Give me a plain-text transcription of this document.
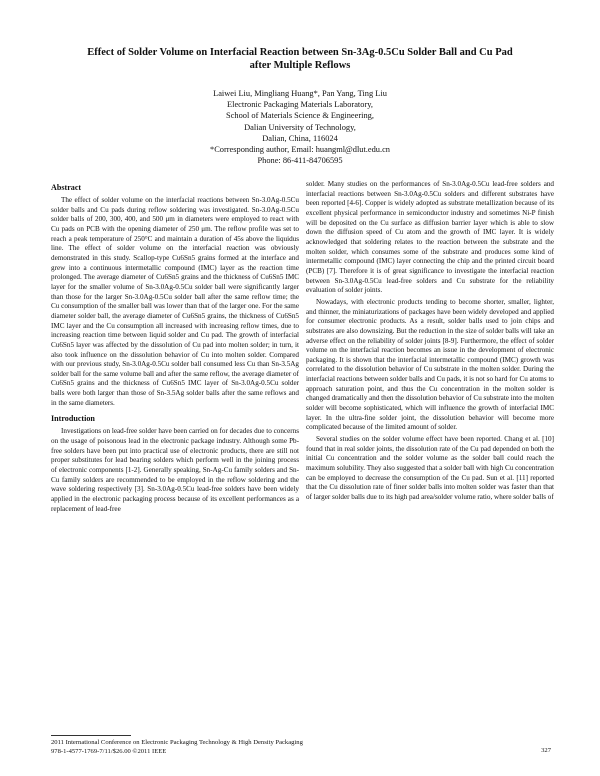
Effect of Solder Volume on Interfacial Reaction between Sn-3Ag-0.5Cu Solder Ball and Cu Pad
after Multiple Reflows
Laiwei Liu, Mingliang Huang*, Pan Yang, Ting Liu
Electronic Packaging Materials Laboratory,
School of Materials Science & Engineering,
Dalian University of Technology,
Dalian, China, 116024
*Corresponding author, Email: huangml@dlut.edu.cn
Phone: 86-411-84706595
Abstract

The effect of solder volume on the interfacial reactions between Sn-3.0Ag-0.5Cu solder balls and Cu pads during reflow soldering was investigated. Sn-3.0Ag-0.5Cu solder balls of 200, 300, 400, and 500 μm in diameters were employed to react with Cu pads on PCB with the opening diameter of 250 μm. The reflow profile was set to reach a peak temperature of 250°C and maintain a duration of 45s above the liquidus line. The effect of solder volume on the interfacial reaction was obviously demonstrated in this study. Scallop-type Cu6Sn5 grains formed at the interface and grew into a continuous intermetallic compound (IMC) layer as the reaction time prolonged. The average diameter of Cu6Sn5 grains and the thickness of Cu6Sn5 IMC layer for the smaller volume of Sn-3.0Ag-0.5Cu solder ball were significantly larger than those for the larger Sn-3.0Ag-0.5Cu solder ball after the same reflow time; the Cu consumption of the smaller ball was lower than that of the larger one. For the same diameter solder ball, the average diameter of Cu6Sn5 grains, the thickness of Cu6Sn5 IMC layer and the Cu consumption all increased with increasing reflow times, due to increasing reaction time between liquid solder and Cu pad. The growth of interfacial Cu6Sn5 layer was affected by the dissolution of Cu pad into molten solder; in turn, it also took influence on the dissolution behavior of Cu into molten solder. Compared with our previous study, Sn-3.0Ag-0.5Cu solder ball consumed less Cu than Sn-3.5Ag solder ball for the same volume ball and after the same reflow, the average diameter of Cu6Sn5 grains and the thickness of Cu6Sn5 IMC layer of Sn-3.0Ag-0.5Cu solder balls were both larger than those of Sn-3.5Ag solder balls after the same reflows and in the same diameters.

Introduction

Investigations on lead-free solder have been carried on for decades due to concerns on the usage of poisonous lead in the electronic package industry. Although some Pb-free solders have been put into practical use of electronic products, there are still not proper substitutes for lead bearing solders which perform well in the joining process of electronic components [1-2]. Generally speaking, Sn-Ag-Cu family solders and Sn-Cu family solders are recommended to be employed in the reflow soldering and the wave soldering respectively [3]. Sn-3.0Ag-0.5Cu lead-free solders have been widely applied in the electronic packaging process because of its excellent performances as a replacement of lead-free

solder. Many studies on the performances of Sn-3.0Ag-0.5Cu lead-free solders and interfacial reactions between Sn-3.0Ag-0.5Cu solders and different substrates have been reported [4-6]. Copper is widely adopted as substrate metallization because of its excellent physical performance in semiconductor industry and sometimes Ni-P finish will be deposited on the Cu surface as diffusion barrier layer which is able to slow down the diffusion speed of Cu atom and the growth of IMC layer. It is widely acknowledged that soldering relates to the reaction between the substrate and the molten solder, which consumes some of the substrate and produces some kind of intermetallic compound (IMC) layer connecting the chip and the printed circuit board (PCB) [7]. Therefore it is of great significance to investigate the interfacial reaction between Sn-3.0Ag-0.5Cu lead-free solders and Cu substrate for the reliability evaluation of solder joints.

Nowadays, with electronic products tending to become shorter, smaller, lighter, and thinner, the miniaturizations of packages have been widely developed and applied for consumer electronic products. As a result, solder balls used to join chips and substrates are also downsizing. But the reduction in the size of solder balls will take an adverse effect on the reliability of solder joints [8-9]. Furthermore, the effect of solder volume on the interfacial reaction becomes an issue in the development of electronic packaging. It is shown that the interfacial intermetallic compound (IMC) growth was correlated to the dissolution behavior of Cu substrate in the molten solder. During the interfacial reactions between solder balls and Cu pads, it is not so hard for Cu atoms to approach saturation point, and thus the Cu concentration in the molten solder is changed dramatically and then the dissolution behavior of Cu substrate into the molten solder will become sophisticated, which will influence the growth of interfacial IMC layer. In the ultra-fine solder joint, the dissolution behavior will become more complicated because of the limited amount of solder.

Several studies on the solder volume effect have been reported. Chang et al. [10] found that in real solder joints, the dissolution rate of the Cu pad depended on both the initial Cu concentration and the solder volume as the solder ball could reach the maximum solubility. They also suggested that a solder ball with high Cu concentration can be employed to decrease the consumption of the Cu pad. Sun et al. [11] reported that the Cu dissolution rate of finer solder balls into molten solder was faster than that of larger solder balls due to its high pad area/solder volume ratio, where solder balls of

2011 International Conference on Electronic Packaging Technology & High Density Packaging
978-1-4577-1769-7/11/$26.00 ©2011 IEEE	327
